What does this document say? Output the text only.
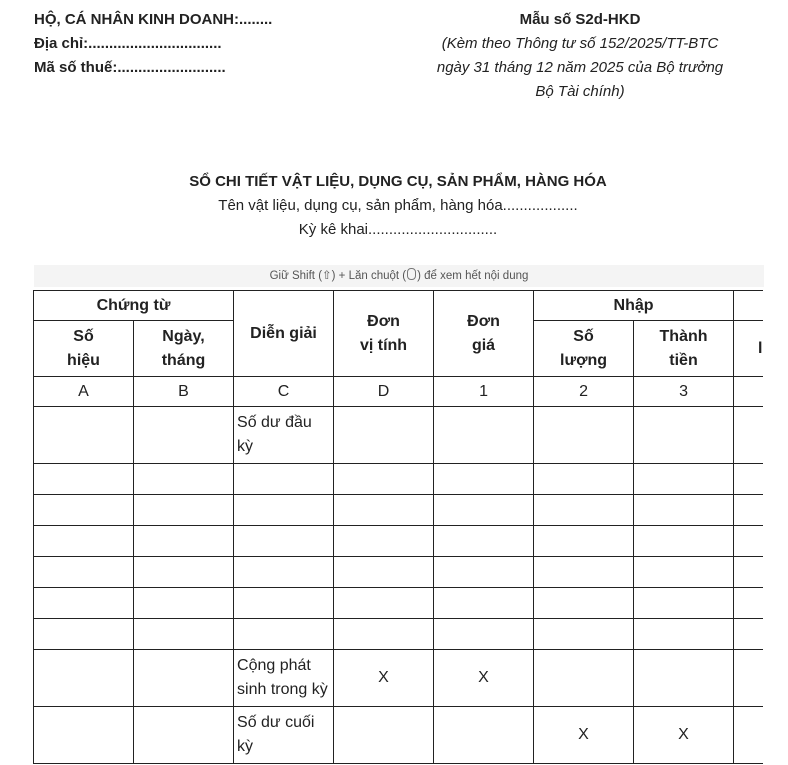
HỘ, CÁ NHÂN KINH DOANH:........
Địa chỉ:................................
Mã số thuế:..........................
Mẫu số S2d-HKD
(Kèm theo Thông tư số 152/2025/TT-BTC
ngày 31 tháng 12 năm 2025 của Bộ trưởng
Bộ Tài chính)
SỔ CHI TIẾT VẬT LIỆU, DỤNG CỤ, SẢN PHẨM, HÀNG HÓA
Tên vật liệu, dụng cụ, sản phẩm, hàng hóa..................
Kỳ kê khai...............................
Giữ Shift (⇧) + Lăn chuột ( ) để xem hết nội dung
Chứng từ		Diễn giải	Đơn vị tính	Đơn giá	Nhập		

Số hiệu	Ngày, tháng				Số lượng	Thành tiền	l
A	B	C	D	1	2	3	
		Số dư đầu kỳ					

		Cộng phát sinh trong kỳ	X	X			
		Số dư cuối kỳ			X	X	
